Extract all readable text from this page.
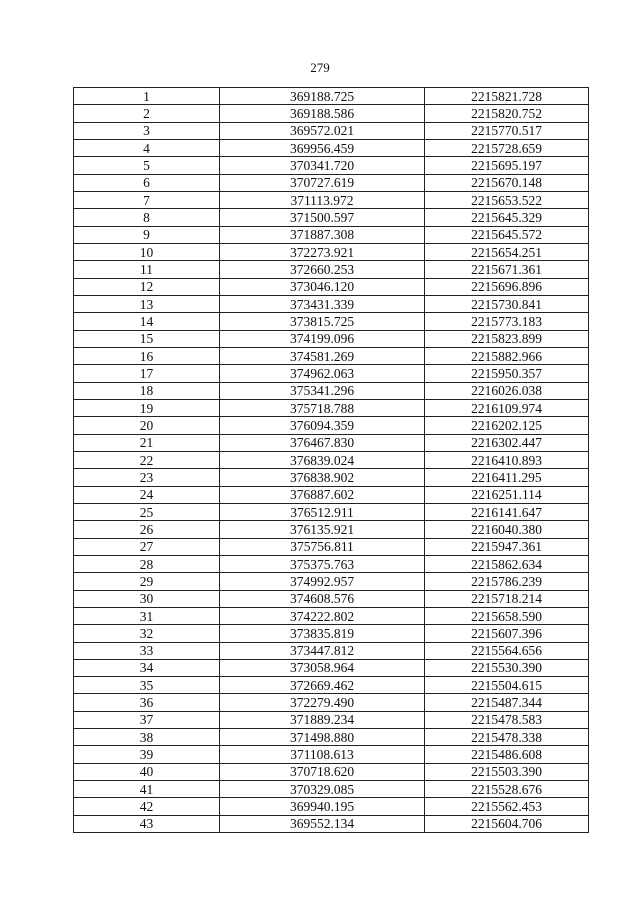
279
1	369188.725	2215821.728
2	369188.586	2215820.752
3	369572.021	2215770.517
4	369956.459	2215728.659
5	370341.720	2215695.197
6	370727.619	2215670.148
7	371113.972	2215653.522
8	371500.597	2215645.329
9	371887.308	2215645.572
10	372273.921	2215654.251
11	372660.253	2215671.361
12	373046.120	2215696.896
13	373431.339	2215730.841
14	373815.725	2215773.183
15	374199.096	2215823.899
16	374581.269	2215882.966
17	374962.063	2215950.357
18	375341.296	2216026.038
19	375718.788	2216109.974
20	376094.359	2216202.125
21	376467.830	2216302.447
22	376839.024	2216410.893
23	376838.902	2216411.295
24	376887.602	2216251.114
25	376512.911	2216141.647
26	376135.921	2216040.380
27	375756.811	2215947.361
28	375375.763	2215862.634
29	374992.957	2215786.239
30	374608.576	2215718.214
31	374222.802	2215658.590
32	373835.819	2215607.396
33	373447.812	2215564.656
34	373058.964	2215530.390
35	372669.462	2215504.615
36	372279.490	2215487.344
37	371889.234	2215478.583
38	371498.880	2215478.338
39	371108.613	2215486.608
40	370718.620	2215503.390
41	370329.085	2215528.676
42	369940.195	2215562.453
43	369552.134	2215604.706
